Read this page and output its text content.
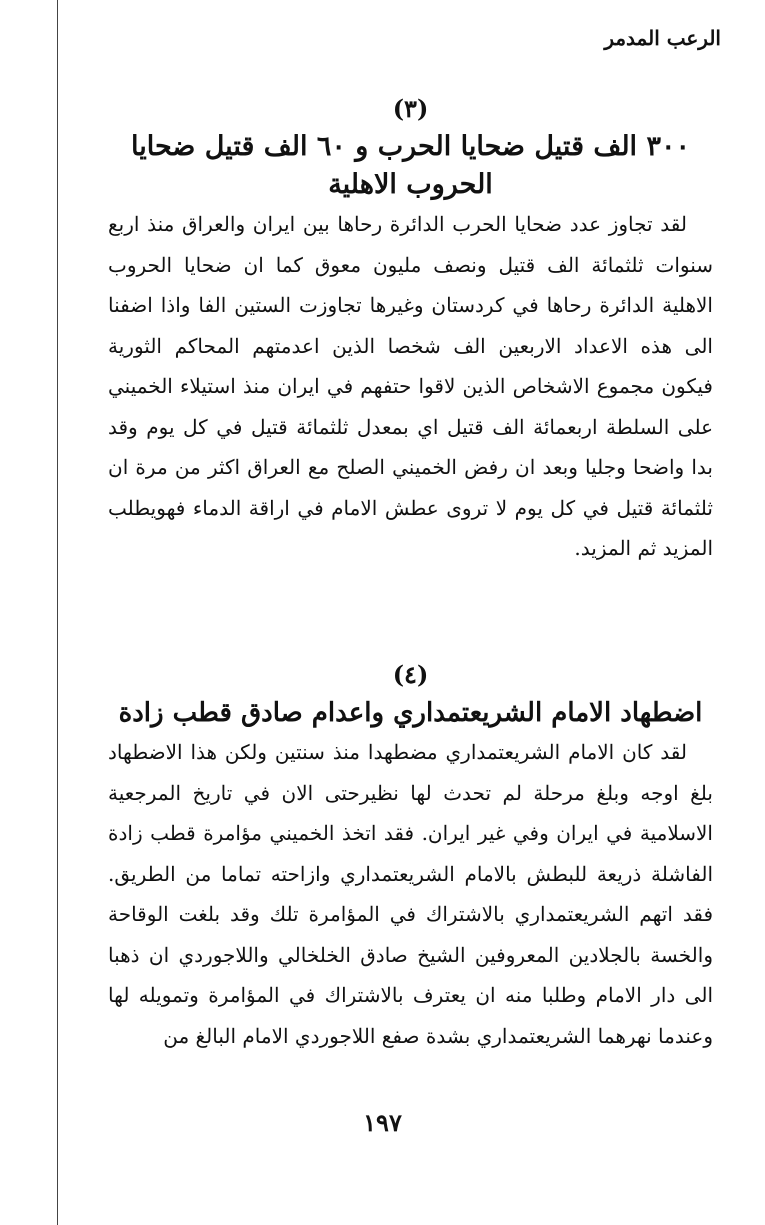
الرعب المدمر

(٣)

٣٠٠ الف قتيل ضحايا الحرب و ٦٠ الف قتيل ضحايا الحروب الاهلية

لقد تجاوز عدد ضحايا الحرب الدائرة رحاها بين ايران والعراق منذ اربع سنوات ثلثمائة الف قتيل ونصف مليون معوق كما ان ضحايا الحروب الاهلية الدائرة رحاها في كردستان وغيرها تجاوزت الستين الفا واذا اضفنا الى هذه الاعداد الاربعين الف شخصا الذين اعدمتهم المحاكم الثورية فيكون مجموع الاشخاص الذين لاقوا حتفهم في ايران منذ استيلاء الخميني على السلطة اربعمائة الف قتيل اي بمعدل ثلثمائة قتيل في كل يوم وقد بدا واضحا وجليا وبعد ان رفض الخميني الصلح مع العراق اكثر من مرة ان ثلثمائة قتيل في كل يوم لا تروى عطش الامام في اراقة الدماء فهويطلب المزيد ثم المزيد.

(٤)

اضطهاد الامام الشريعتمداري واعدام صادق قطب زادة

لقد كان الامام الشريعتمداري مضطهدا منذ سنتين ولكن هذا الاضطهاد بلغ اوجه وبلغ مرحلة لم تحدث لها نظيرحتى الان في تاريخ المرجعية الاسلامية في ايران وفي غير ايران. فقد اتخذ الخميني مؤامرة قطب زادة الفاشلة ذريعة للبطش بالامام الشريعتمداري وازاحته تماما من الطريق. فقد اتهم الشريعتمداري بالاشتراك في المؤامرة تلك وقد بلغت الوقاحة والخسة بالجلادين المعروفين الشيخ صادق الخلخالي واللاجوردي ان ذهبا الى دار الامام وطلبا منه ان يعترف بالاشتراك في المؤامرة وتمويله لها وعندما نهرهما الشريعتمداري بشدة صفع اللاجوردي الامام البالغ من

١٩٧
